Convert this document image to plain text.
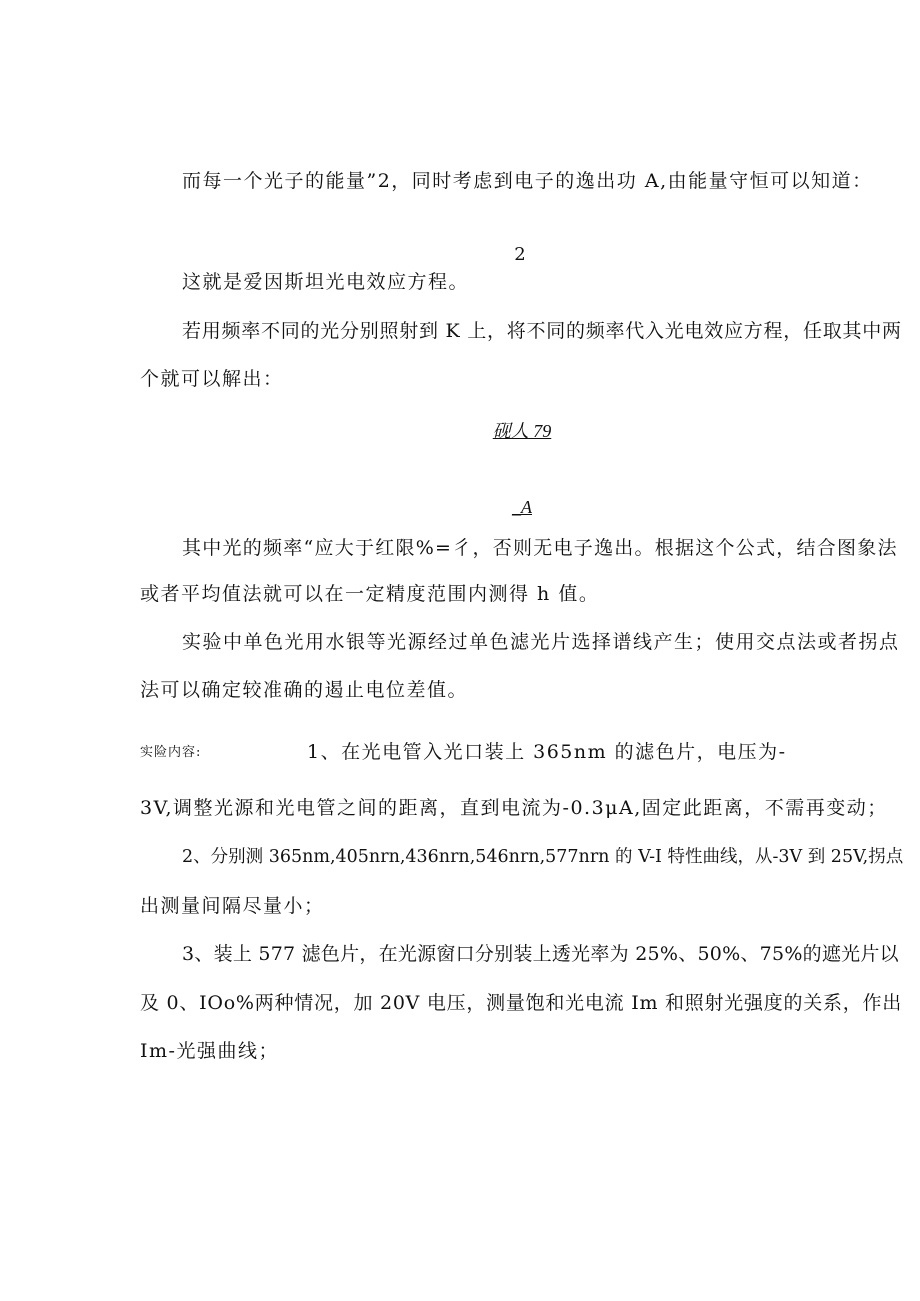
而每一个光子的能量”2，同时考虑到电子的逸出功 A,由能量守恒可以知道：
2
这就是爱因斯坦光电效应方程。
若用频率不同的光分别照射到 K 上，将不同的频率代入光电效应方程，任取其中两
个就可以解出：
砚人 79
_A
其中光的频率“应大于红限%=彳，否则无电子逸出。根据这个公式，结合图象法
或者平均值法就可以在一定精度范围内测得 h 值。
实验中单色光用水银等光源经过单色滤光片选择谱线产生；使用交点法或者拐点
法可以确定较准确的遏止电位差值。
实险内容:	1、在光电管入光口装上 365nm 的滤色片，电压为-
3V,调整光源和光电管之间的距离，直到电流为-0.3μA,固定此距离，不需再变动；
2、分别测 365nm,405nrn,436nrn,546nrn,577nrn 的 V-I 特性曲线，从-3V 到 25V,拐点
出测量间隔尽量小；
3、装上 577 滤色片，在光源窗口分别装上透光率为 25%、50%、75%的遮光片以
及 0、IOo%两种情况，加 20V 电压，测量饱和光电流 Im 和照射光强度的关系，作出
Im-光强曲线；
